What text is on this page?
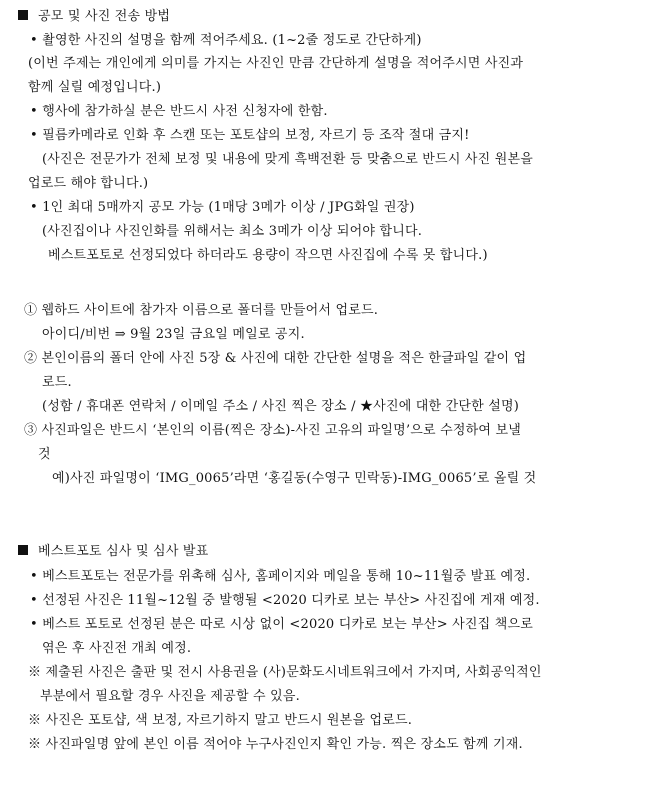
공모 및 사진 전송 방법
• 촬영한 사진의 설명을 함께 적어주세요. (1~2줄 정도로 간단하게)
(이번 주제는 개인에게 의미를 가지는 사진인 만큼 간단하게 설명을 적어주시면 사진과
함께 실릴 예정입니다.)
• 행사에 참가하실 분은 반드시 사전 신청자에 한함.
• 필름카메라로 인화 후 스캔 또는 포토샵의 보정, 자르기 등 조작 절대 금지!
(사진은 전문가가 전체 보정 및 내용에 맞게 흑백전환 등 맞춤으로 반드시 사진 원본을
업로드 해야 합니다.)
• 1인 최대 5매까지 공모 가능 (1매당 3메가 이상 / JPG화일 권장)
(사진집이나 사진인화를 위해서는 최소 3메가 이상 되어야 합니다.
베스트포토로 선정되었다 하더라도 용량이 작으면 사진집에 수록 못 합니다.)
① 웹하드 사이트에 참가자 이름으로 폴더를 만들어서 업로드.
아이디/비번 ⇒ 9월 23일 금요일 메일로 공지.
② 본인이름의 폴더 안에 사진 5장 & 사진에 대한 간단한 설명을 적은 한글파일 같이 업
로드.
(성함 / 휴대폰 연락처 / 이메일 주소 / 사진 찍은 장소 / ★사진에 대한 간단한 설명)
③ 사진파일은 반드시 ‘본인의 이름(찍은 장소)-사진 고유의 파일명’으로 수정하여 보낼
것
예)사진 파일명이 ‘IMG_0065’라면 ‘홍길동(수영구 민락동)-IMG_0065’로 올릴 것
베스트포토 심사 및 심사 발표
• 베스트포토는 전문가를 위촉해 심사, 홈페이지와 메일을 통해 10~11월중 발표 예정.
• 선정된 사진은 11월~12월 중 발행될 <2020 디카로 보는 부산> 사진집에 게재 예정.
• 베스트 포토로 선정된 분은 따로 시상 없이 <2020 디카로 보는 부산> 사진집 책으로
엮은 후 사진전 개최 예정.
※ 제출된 사진은 출판 및 전시 사용권을 (사)문화도시네트워크에서 가지며, 사회공익적인
부분에서 필요할 경우 사진을 제공할 수 있음.
※ 사진은 포토샵, 색 보정, 자르기하지 말고 반드시 원본을 업로드.
※ 사진파일명 앞에 본인 이름 적어야 누구사진인지 확인 가능. 찍은 장소도 함께 기재.
